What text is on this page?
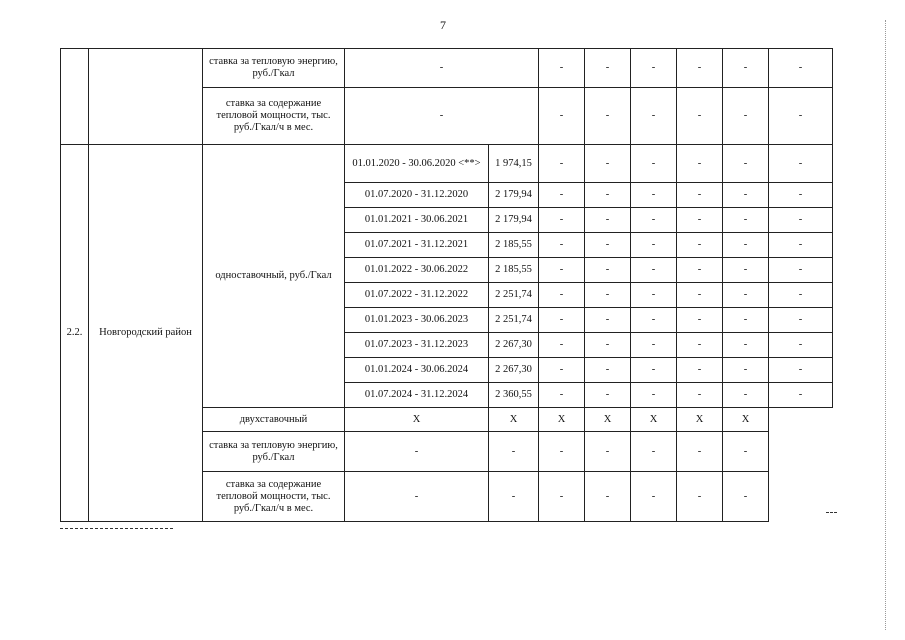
7
		ставка за тепловую энергию, руб./Гкал	-		-	-	-	-	-	-
		ставка за содержание тепловой мощности, тыс. руб./Гкал/ч в мес.	-		-	-	-	-	-	-
2.2.	Новгородский район	одноставочный, руб./Гкал	01.01.2020 - 30.06.2020 <**>	1 974,15	-	-	-	-	-	-
			01.07.2020 - 31.12.2020	2 179,94	-	-	-	-	-	-
			01.01.2021 - 30.06.2021	2 179,94	-	-	-	-	-	-
			01.07.2021 - 31.12.2021	2 185,55	-	-	-	-	-	-
			01.01.2022 - 30.06.2022	2 185,55	-	-	-	-	-	-
			01.07.2022 - 31.12.2022	2 251,74	-	-	-	-	-	-
			01.01.2023 - 30.06.2023	2 251,74	-	-	-	-	-	-
			01.07.2023 - 31.12.2023	2 267,30	-	-	-	-	-	-
			01.01.2024 - 30.06.2024	2 267,30	-	-	-	-	-	-
			01.07.2024 - 31.12.2024	2 360,55	-	-	-	-	-	-
		двухставочный	X	X	X	X	X	X	X	
		ставка за тепловую энергию, руб./Гкал	-	-	-	-	-	-	-	
		ставка за содержание тепловой мощности, тыс. руб./Гкал/ч в мес.	-	-	-	-	-	-	-	
